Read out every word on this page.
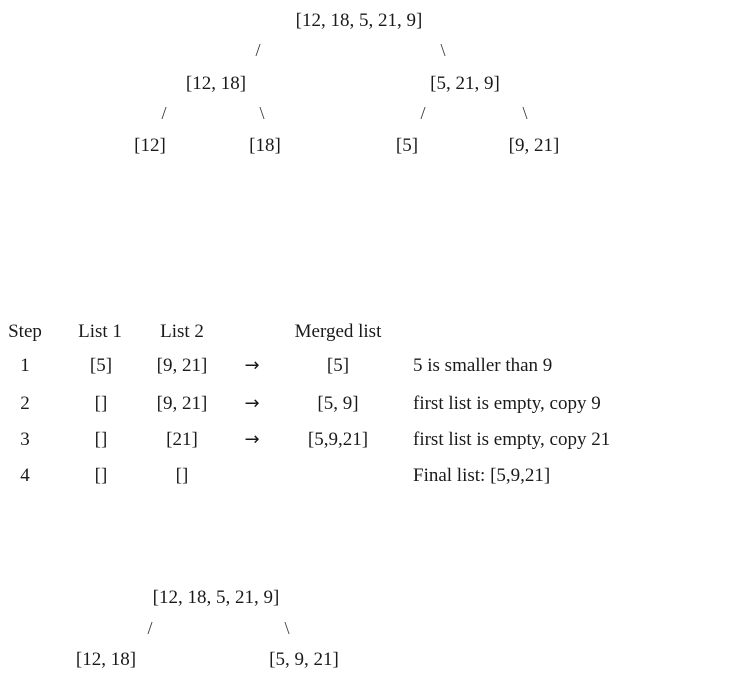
[12, 18, 5, 21, 9]
/	\
[12, 18]	[5, 21, 9]
/	\	/	\
[12]	[18]	[5]	[9, 21]
Step List 1 List 2	Merged list
1	[5] [9, 21] →	[5]	5 is smaller than 9
2	[]	[9, 21] →	[5, 9]	first list is empty, copy 9
3	[]	[21]	→	[5,9,21] first list is empty, copy 21
4	[]	[]	Final list: [5,9,21]
[12, 18, 5, 21, 9]
/	\
[12, 18]	[5, 9, 21]
